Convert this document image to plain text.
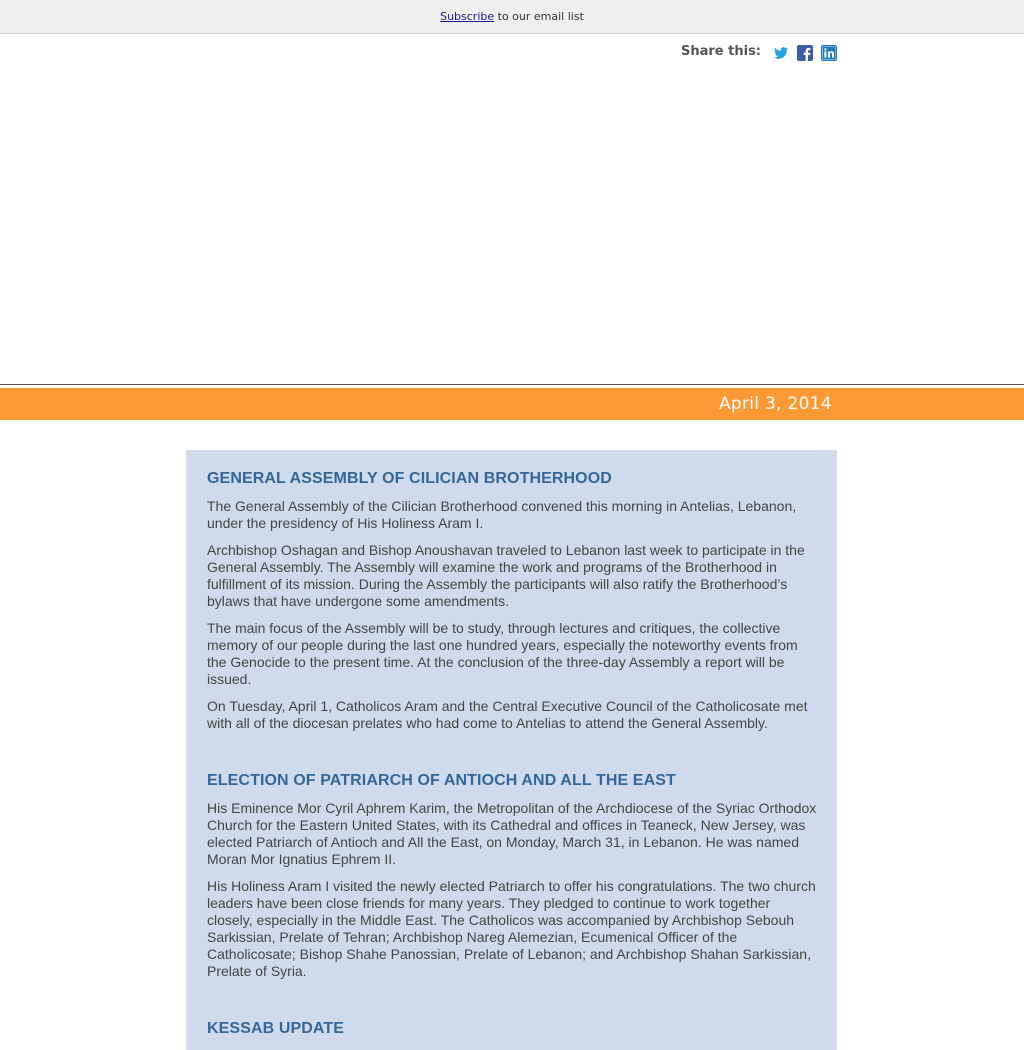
Subscribe to our email list
Share this:
April 3, 2014
GENERAL ASSEMBLY OF CILICIAN BROTHERHOOD

The General Assembly of the Cilician Brotherhood convened this morning in Antelias, Lebanon, under the presidency of His Holiness Aram I.

Archbishop Oshagan and Bishop Anoushavan traveled to Lebanon last week to participate in the General Assembly. The Assembly will examine the work and programs of the Brotherhood in fulfillment of its mission. During the Assembly the participants will also ratify the Brotherhood’s bylaws that have undergone some amendments.

The main focus of the Assembly will be to study, through lectures and critiques, the collective memory of our people during the last one hundred years, especially the noteworthy events from the Genocide to the present time. At the conclusion of the three-day Assembly a report will be issued.

On Tuesday, April 1, Catholicos Aram and the Central Executive Council of the Catholicosate met with all of the diocesan prelates who had come to Antelias to attend the General Assembly.

ELECTION OF PATRIARCH OF ANTIOCH AND ALL THE EAST

His Eminence Mor Cyril Aphrem Karim, the Metropolitan of the Archdiocese of the Syriac Orthodox Church for the Eastern United States, with its Cathedral and offices in Teaneck, New Jersey, was elected Patriarch of Antioch and All the East, on Monday, March 31, in Lebanon. He was named Moran Mor Ignatius Ephrem II.

His Holiness Aram I visited the newly elected Patriarch to offer his congratulations. The two church leaders have been close friends for many years. They pledged to continue to work together closely, especially in the Middle East. The Catholicos was accompanied by Archbishop Sebouh Sarkissian, Prelate of Tehran; Archbishop Nareg Alemezian, Ecumenical Officer of the Catholicosate; Bishop Shahe Panossian, Prelate of Lebanon; and Archbishop Shahan Sarkissian, Prelate of Syria.

KESSAB UPDATE
